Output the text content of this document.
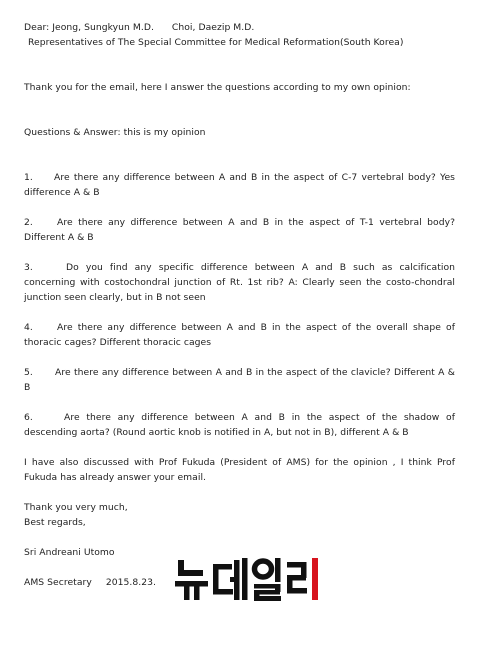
Dear: Jeong, Sungkyun M.D. Choi, Daezip M.D.

Representatives of The Special Committee for Medical Reformation(South Korea)

Thank you for the email, here I answer the questions according to my own opinion:

Questions & Answer: this is my opinion

1. Are there any difference between A and B in the aspect of C-7 vertebral body? Yes difference A & B

2.	Are there any difference between A and B in the aspect of T-1 vertebral body? Different A & B

3.	Do you find any specific difference between A and B such as calcification concerning with costochondral junction of Rt. 1st rib? A: Clearly seen the costo-chondral junction seen clearly, but in B not seen

4.	Are there any difference between A and B in the aspect of the overall shape of thoracic cages? Different thoracic cages

5. Are there any difference between A and B in the aspect of the clavicle? Different A & B

6.	Are there any difference between A and B in the aspect of the shadow of descending aorta? (Round aortic knob is notified in A, but not in B), different A & B

I have also discussed with Prof Fukuda (President of AMS) for the opinion , I think Prof Fukuda has already answer your email.

Thank you very much,

Best regards,

Sri Andreani Utomo

AMS Secretary 2015.8.23.
